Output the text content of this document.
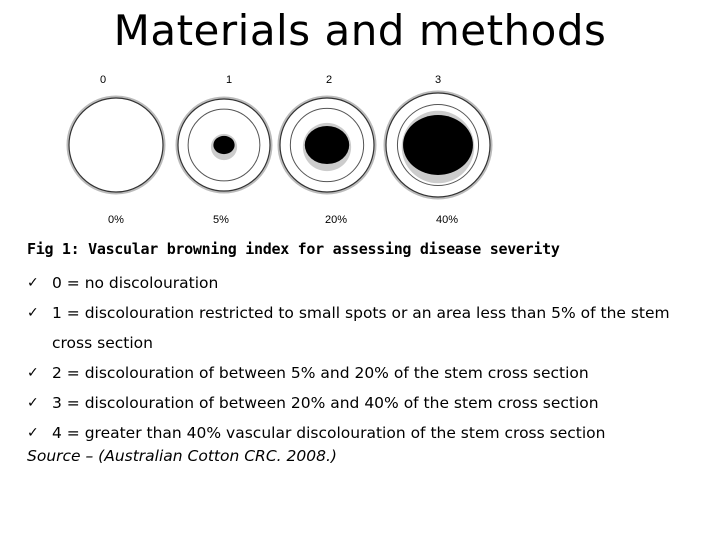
Materials and methods
0	1	2	3
0%	5%	20%	40%
Fig 1: Vascular browning index for assessing disease severity
✓ 0 = no discolouration
✓ 1 = discolouration restricted to small spots or an area less than 5% of the stem cross section
✓ 2 = discolouration of between 5% and 20% of the stem cross section
✓ 3 = discolouration of between 20% and 40% of the stem cross section
✓ 4 = greater than 40% vascular discolouration of the stem cross section
Source – (Australian Cotton CRC. 2008.)
